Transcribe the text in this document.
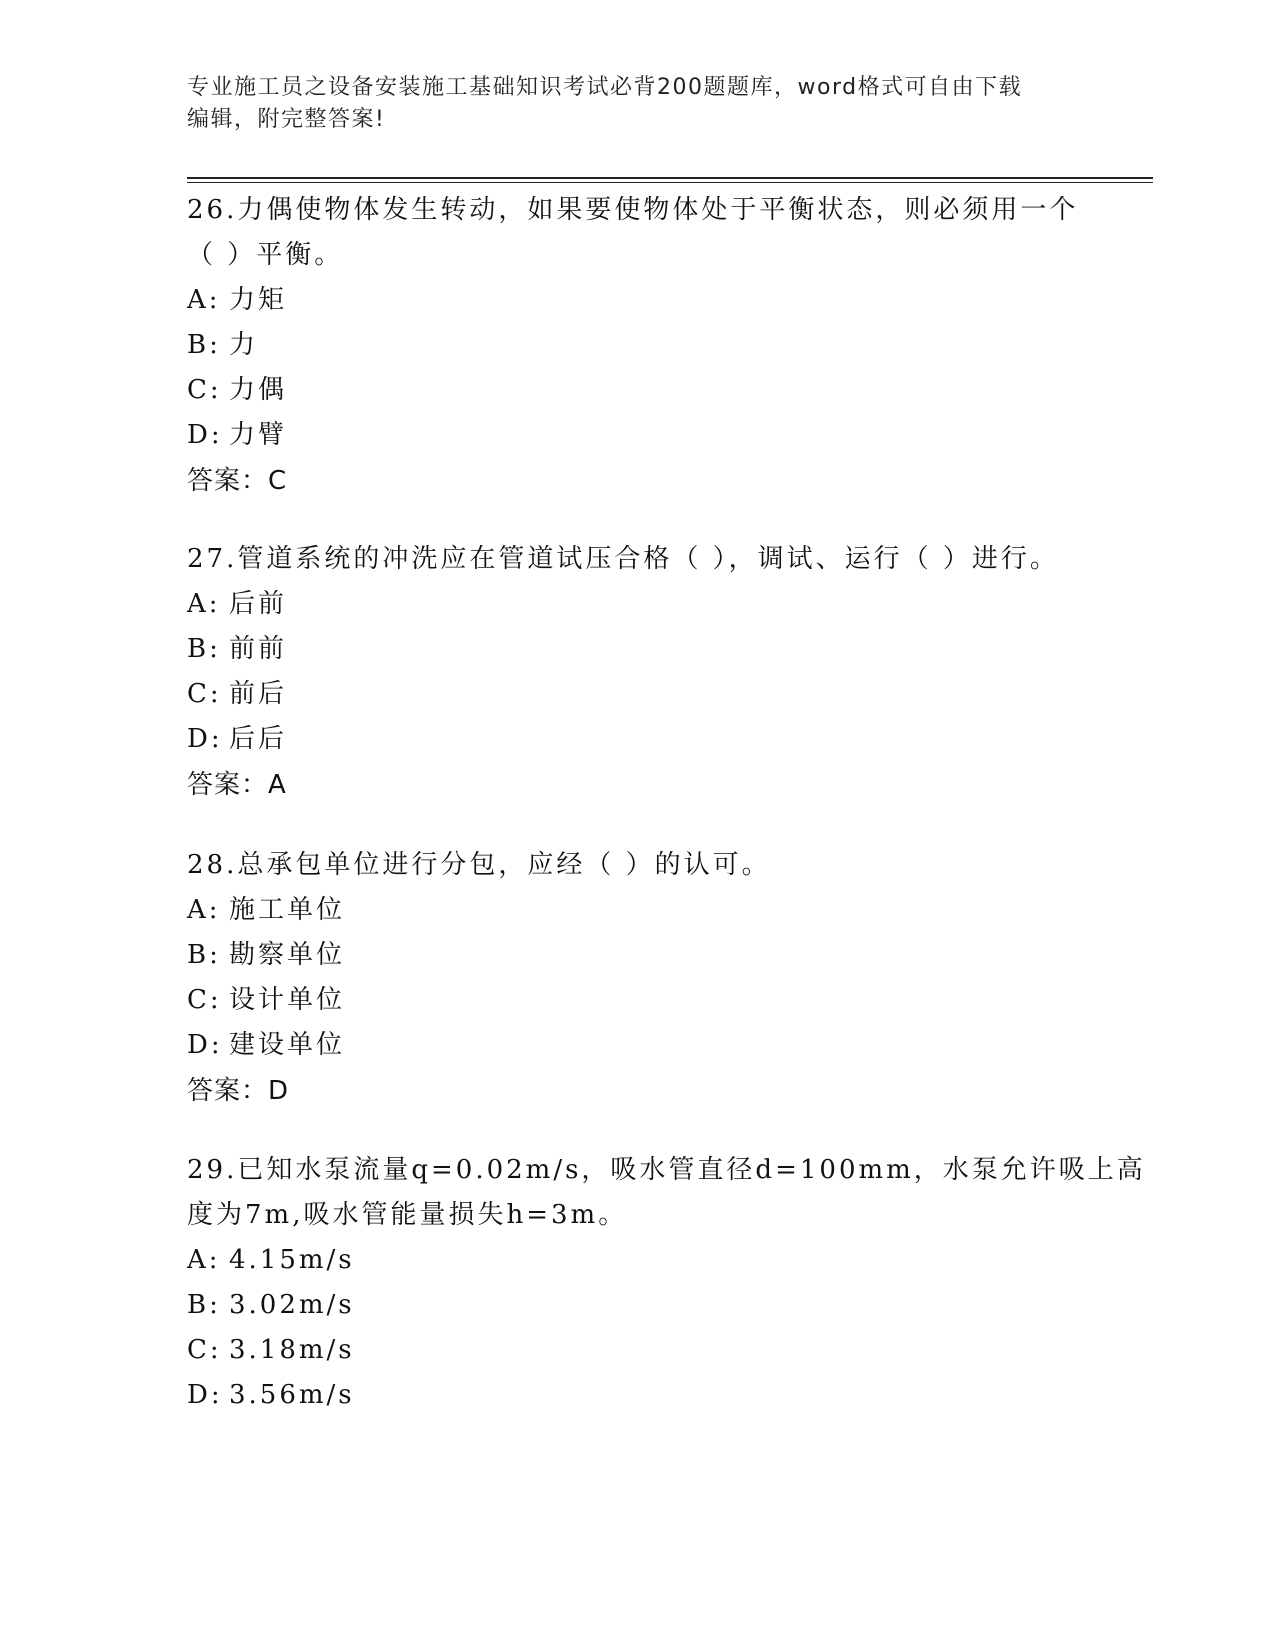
专业施工员之设备安装施工基础知识考试必背200题题库，word格式可自由下载
编辑，附完整答案!
26.力偶使物体发生转动，如果要使物体处于平衡状态，则必须用一个
（ ）平衡。
A: 力矩
B: 力
C: 力偶
D: 力臂
答案：C
27.管道系统的冲洗应在管道试压合格（ ），调试、运行（ ）进行。
A: 后前
B: 前前
C: 前后
D: 后后
答案：A
28.总承包单位进行分包，应经（ ）的认可。
A: 施工单位
B: 勘察单位
C: 设计单位
D: 建设单位
答案：D
29.已知水泵流量q=0.02m/s，吸水管直径d=100mm，水泵允许吸上高
度为7m,吸水管能量损失h=3m。
A: 4.15m/s
B: 3.02m/s
C: 3.18m/s
D: 3.56m/s
